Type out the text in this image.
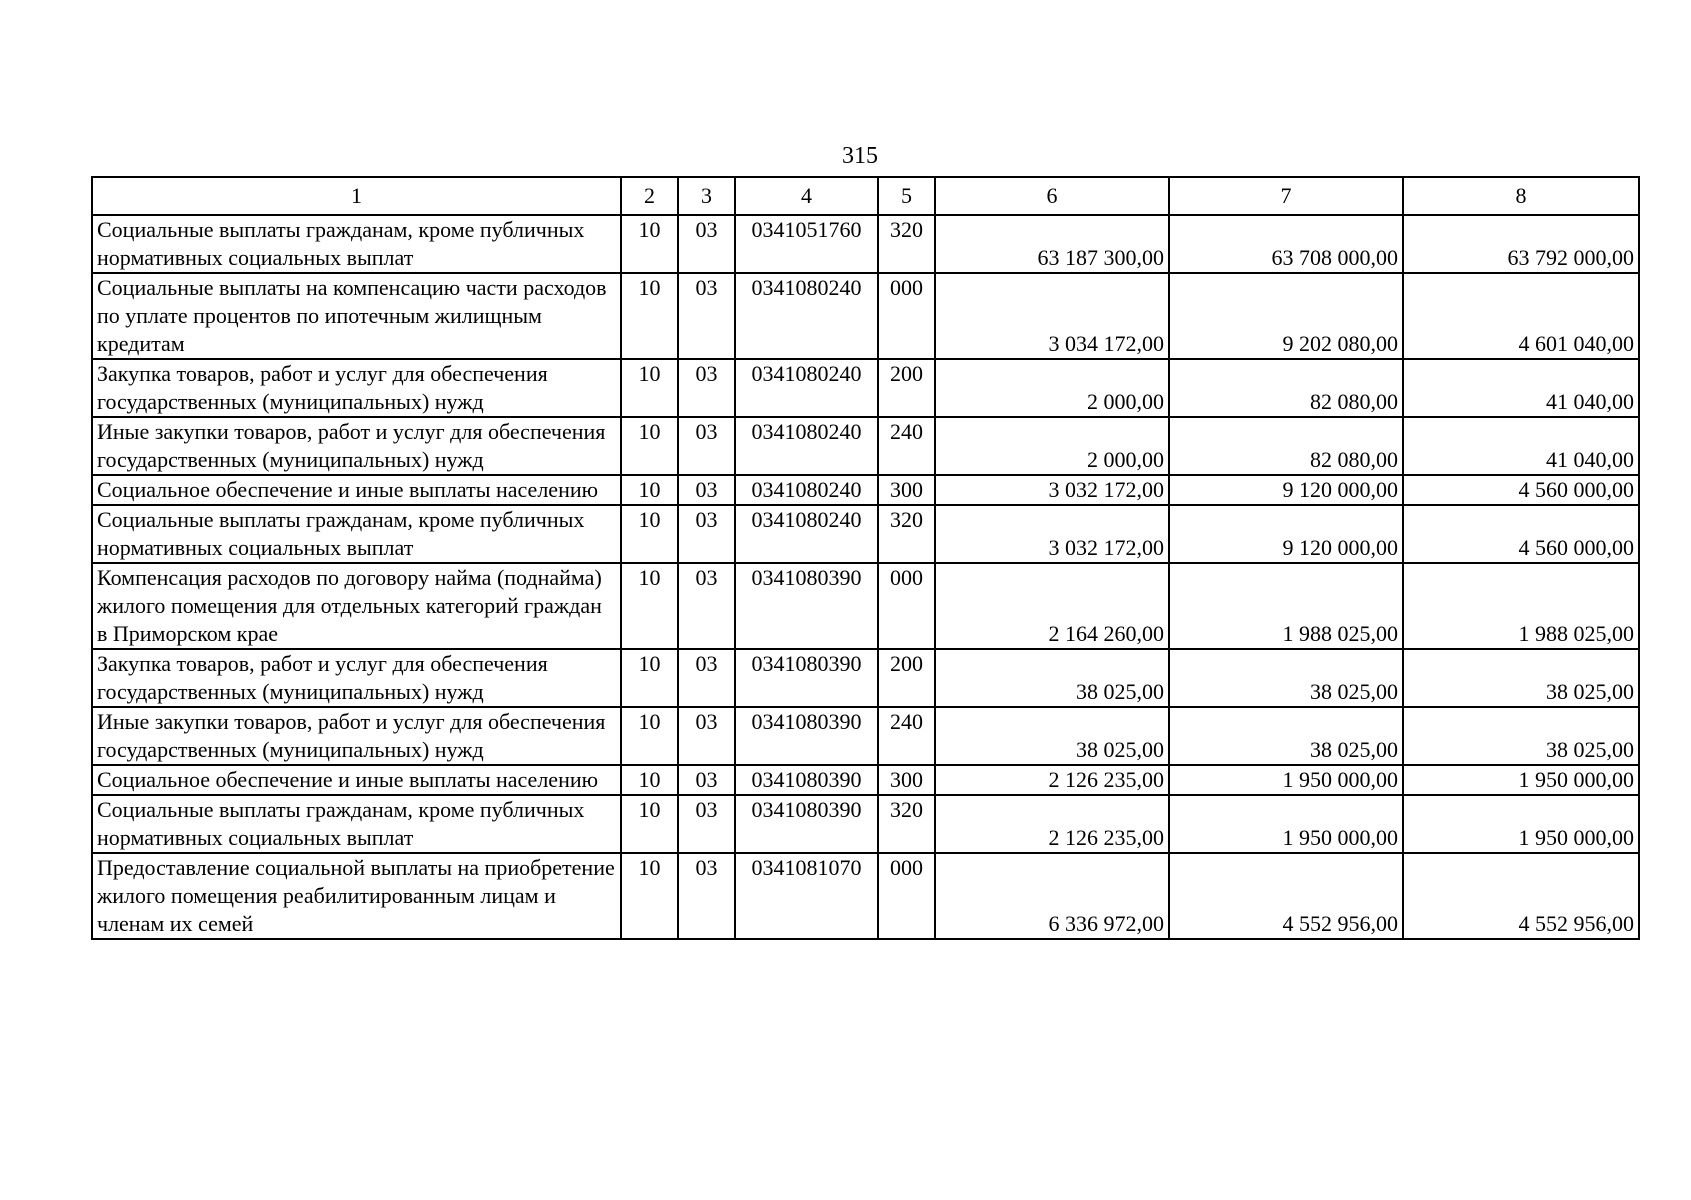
315
1	2	3	4	5	6	7	8
Социальные выплаты гражданам, кроме публичных нормативных социальных выплат	10	03	0341051760	320	63 187 300,00	63 708 000,00	63 792 000,00
Социальные выплаты на компенсацию части расходов по уплате процентов по ипотечным жилищным кредитам	10	03	0341080240	000	3 034 172,00	9 202 080,00	4 601 040,00
Закупка товаров, работ и услуг для обеспечения государственных (муниципальных) нужд	10	03	0341080240	200	2 000,00	82 080,00	41 040,00
Иные закупки товаров, работ и услуг для обеспечения государственных (муниципальных) нужд	10	03	0341080240	240	2 000,00	82 080,00	41 040,00
Социальное обеспечение и иные выплаты населению	10	03	0341080240	300	3 032 172,00	9 120 000,00	4 560 000,00
Социальные выплаты гражданам, кроме публичных нормативных социальных выплат	10	03	0341080240	320	3 032 172,00	9 120 000,00	4 560 000,00
Компенсация расходов по договору найма (поднайма) жилого помещения для отдельных категорий граждан в Приморском крае	10	03	0341080390	000	2 164 260,00	1 988 025,00	1 988 025,00
Закупка товаров, работ и услуг для обеспечения государственных (муниципальных) нужд	10	03	0341080390	200	38 025,00	38 025,00	38 025,00
Иные закупки товаров, работ и услуг для обеспечения государственных (муниципальных) нужд	10	03	0341080390	240	38 025,00	38 025,00	38 025,00
Социальное обеспечение и иные выплаты населению	10	03	0341080390	300	2 126 235,00	1 950 000,00	1 950 000,00
Социальные выплаты гражданам, кроме публичных нормативных социальных выплат	10	03	0341080390	320	2 126 235,00	1 950 000,00	1 950 000,00
Предоставление социальной выплаты на приобретение жилого помещения реабилитированным лицам и членам их семей	10	03	0341081070	000	6 336 972,00	4 552 956,00	4 552 956,00
